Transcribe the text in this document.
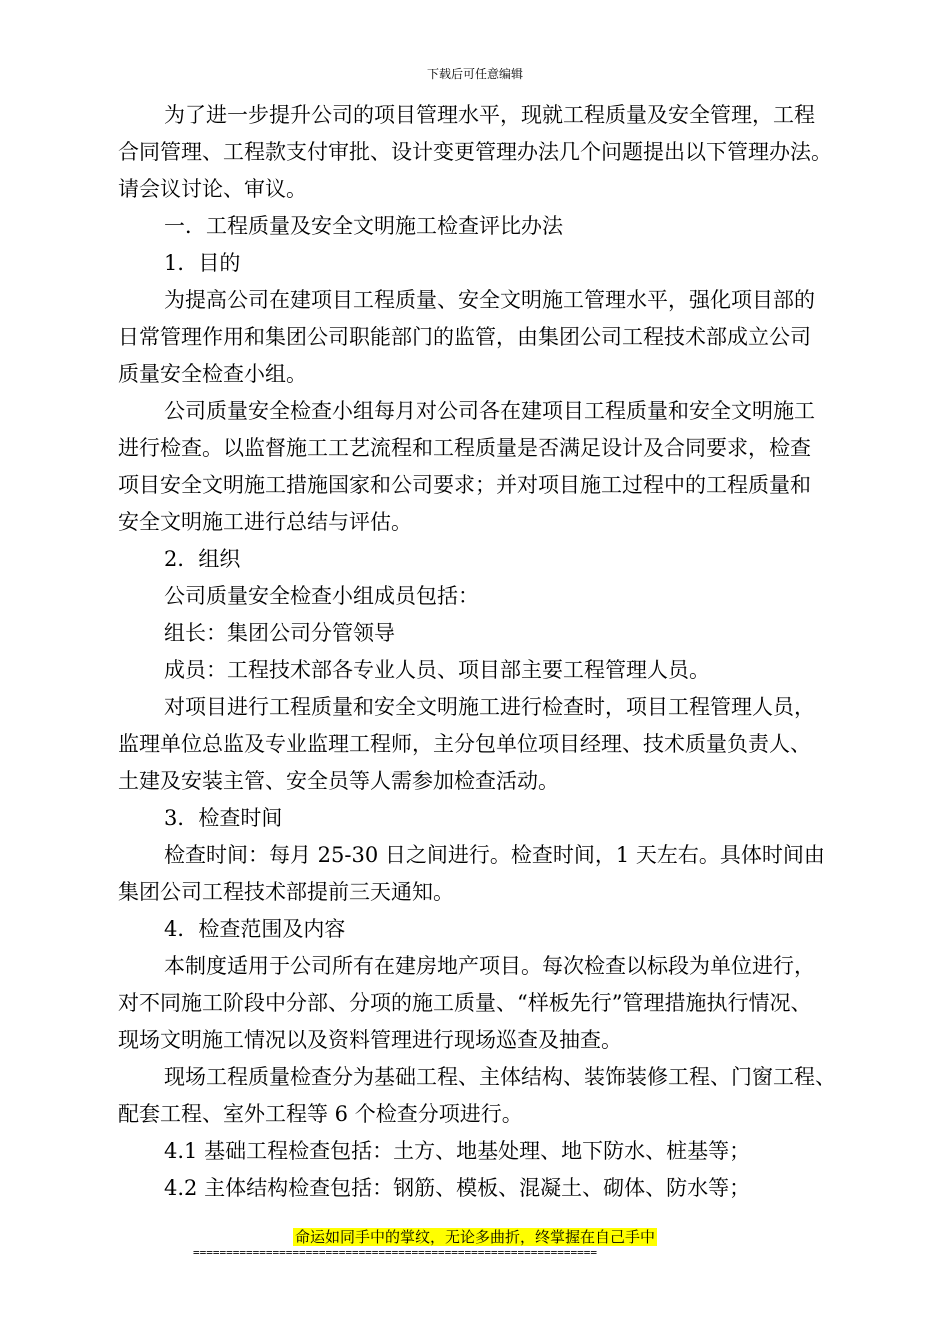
下载后可任意编辑
为了进一步提升公司的项目管理水平，现就工程质量及安全管理，工程
合同管理、工程款支付审批、设计变更管理办法几个问题提出以下管理办法。
请会议讨论、审议。
一．工程质量及安全文明施工检查评比办法
1．目的
为提高公司在建项目工程质量、安全文明施工管理水平，强化项目部的
日常管理作用和集团公司职能部门的监管，由集团公司工程技术部成立公司
质量安全检查小组。
公司质量安全检查小组每月对公司各在建项目工程质量和安全文明施工
进行检查。以监督施工工艺流程和工程质量是否满足设计及合同要求，检查
项目安全文明施工措施国家和公司要求；并对项目施工过程中的工程质量和
安全文明施工进行总结与评估。
2．组织
公司质量安全检查小组成员包括：
组长：集团公司分管领导
成员：工程技术部各专业人员、项目部主要工程管理人员。
对项目进行工程质量和安全文明施工进行检查时，项目工程管理人员，
监理单位总监及专业监理工程师，主分包单位项目经理、技术质量负责人、
土建及安装主管、安全员等人需参加检查活动。
3．检查时间
检查时间：每月 25-30 日之间进行。检查时间，1 天左右。具体时间由
集团公司工程技术部提前三天通知。
4．检查范围及内容
本制度适用于公司所有在建房地产项目。每次检查以标段为单位进行，
对不同施工阶段中分部、分项的施工质量、“样板先行”管理措施执行情况、
现场文明施工情况以及资料管理进行现场巡查及抽查。
现场工程质量检查分为基础工程、主体结构、装饰装修工程、门窗工程、
配套工程、室外工程等 6 个检查分项进行。
4.1 基础工程检查包括：土方、地基处理、地下防水、桩基等；
4.2 主体结构检查包括：钢筋、模板、混凝土、砌体、防水等；
命运如同手中的掌纹，无论多曲折，终掌握在自己手中
=============================================================
